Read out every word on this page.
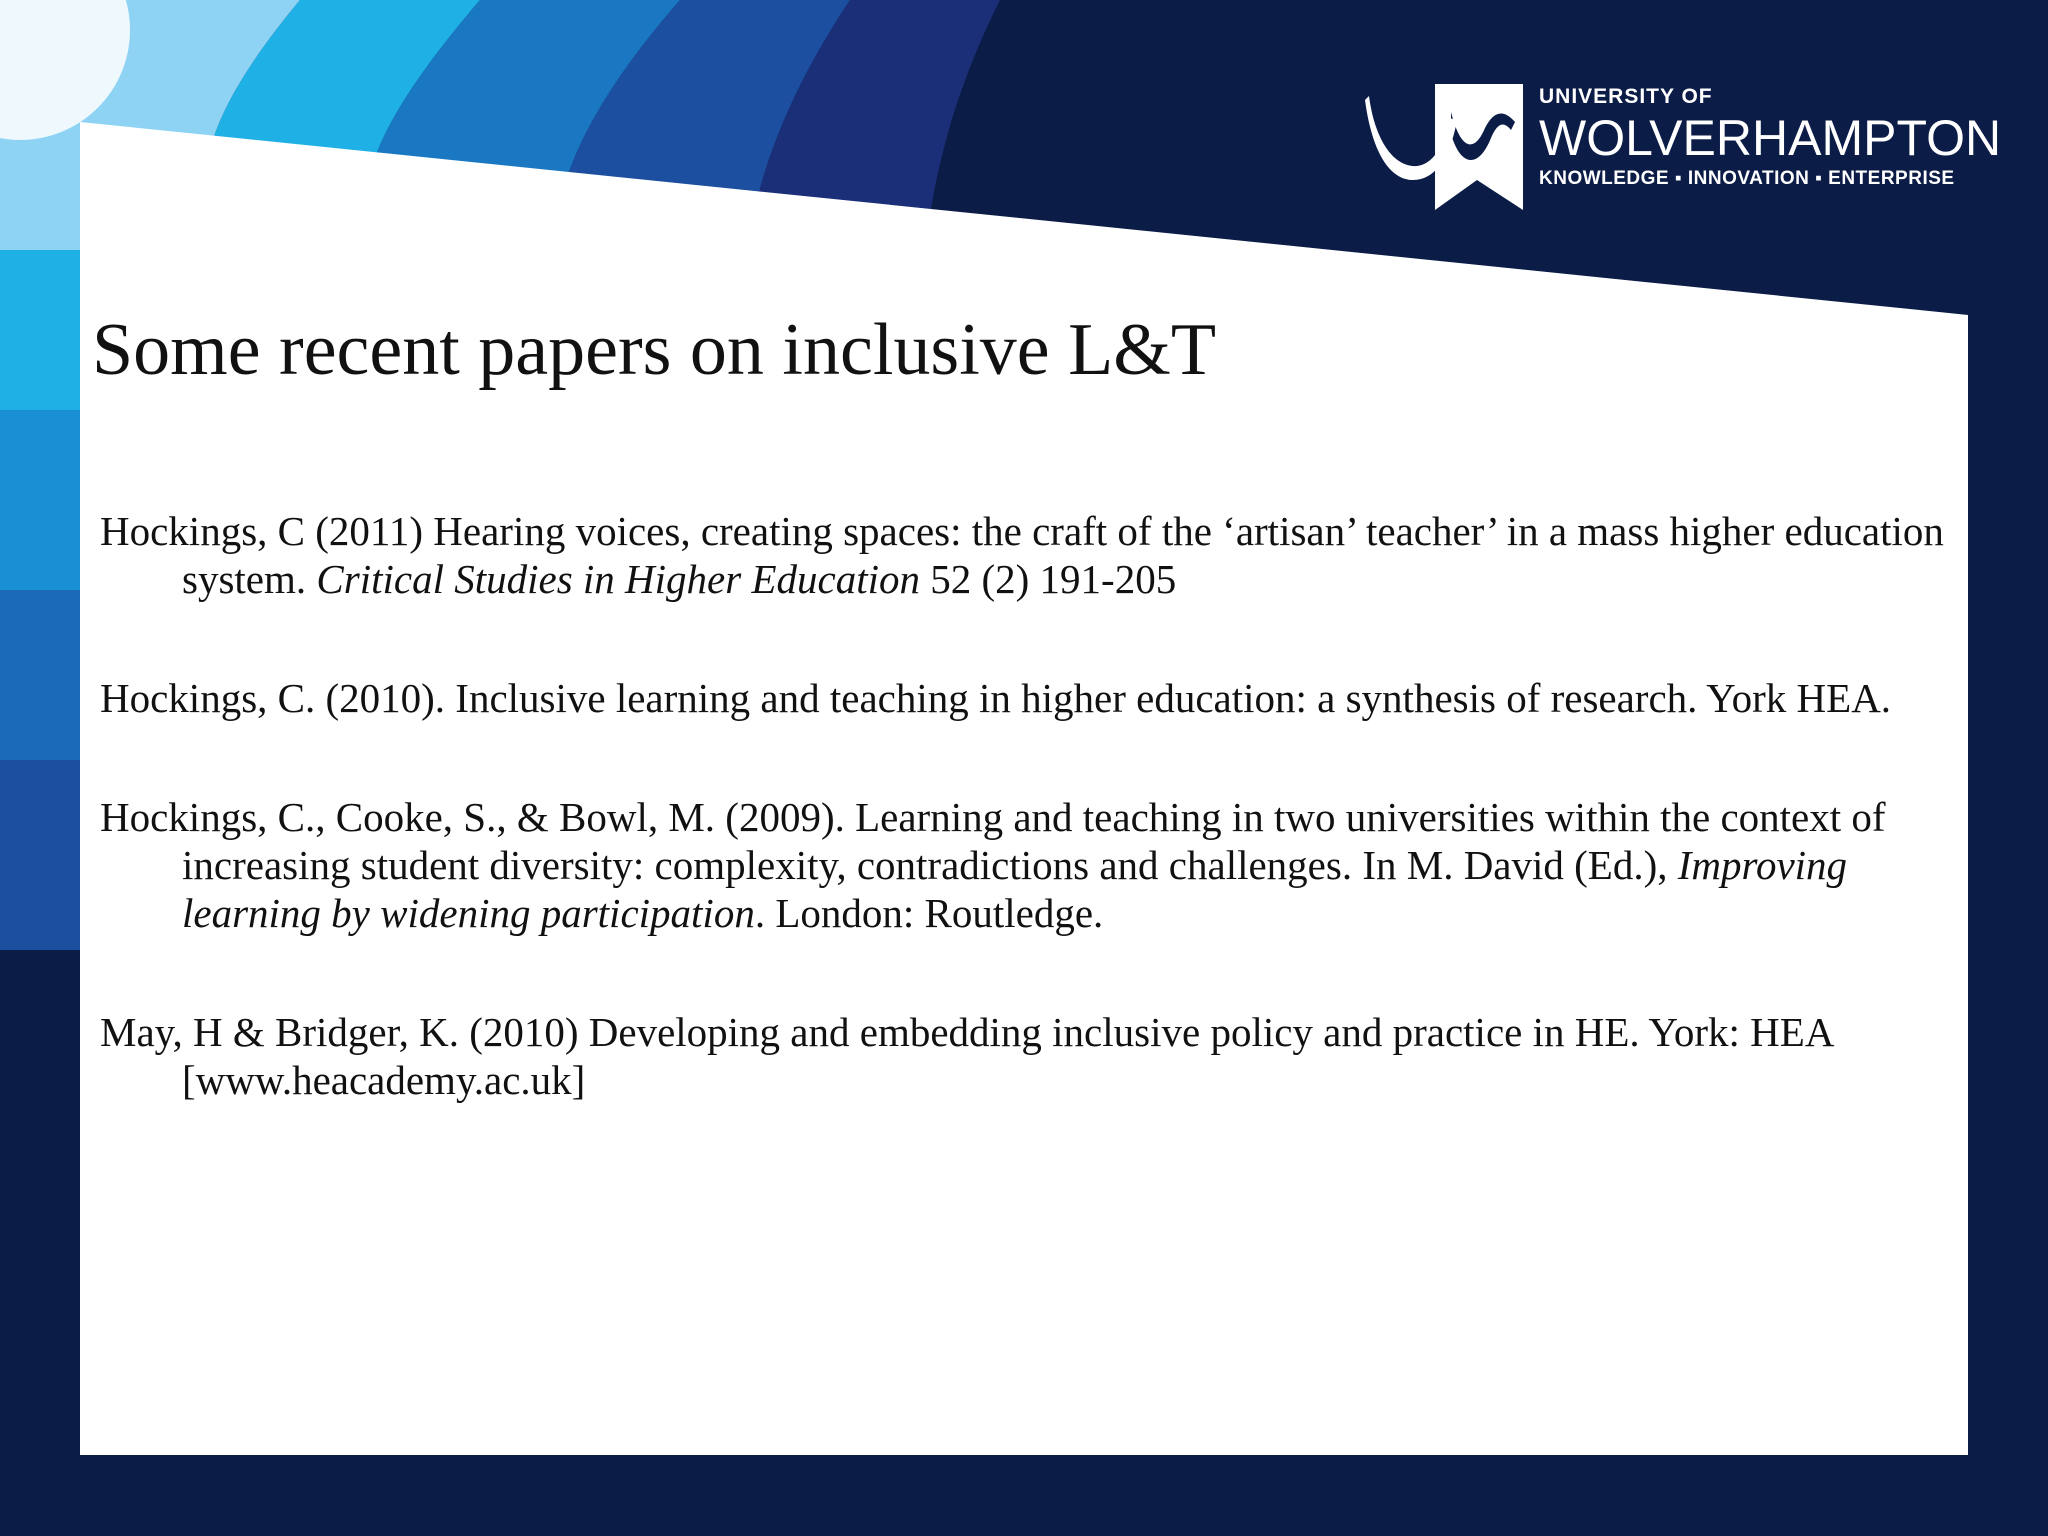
UNIVERSITY OF
WOLVERHAMPTON
KNOWLEDGE ▪ INNOVATION ▪ ENTERPRISE
Some recent papers on inclusive L&T
Hockings, C (2011) Hearing voices, creating spaces: the craft of the ‘artisan’ teacher’ in a mass higher education system. Critical Studies in Higher Education 52 (2) 191-205
Hockings, C. (2010). Inclusive learning and teaching in higher education: a synthesis of research. York HEA.
Hockings, C., Cooke, S., & Bowl, M. (2009). Learning and teaching in two universities within the context of increasing student diversity: complexity, contradictions and challenges. In M. David (Ed.), Improving learning by widening participation. London: Routledge.
May, H & Bridger, K. (2010) Developing and embedding inclusive policy and practice in HE. York: HEA [www.heacademy.ac.uk]
